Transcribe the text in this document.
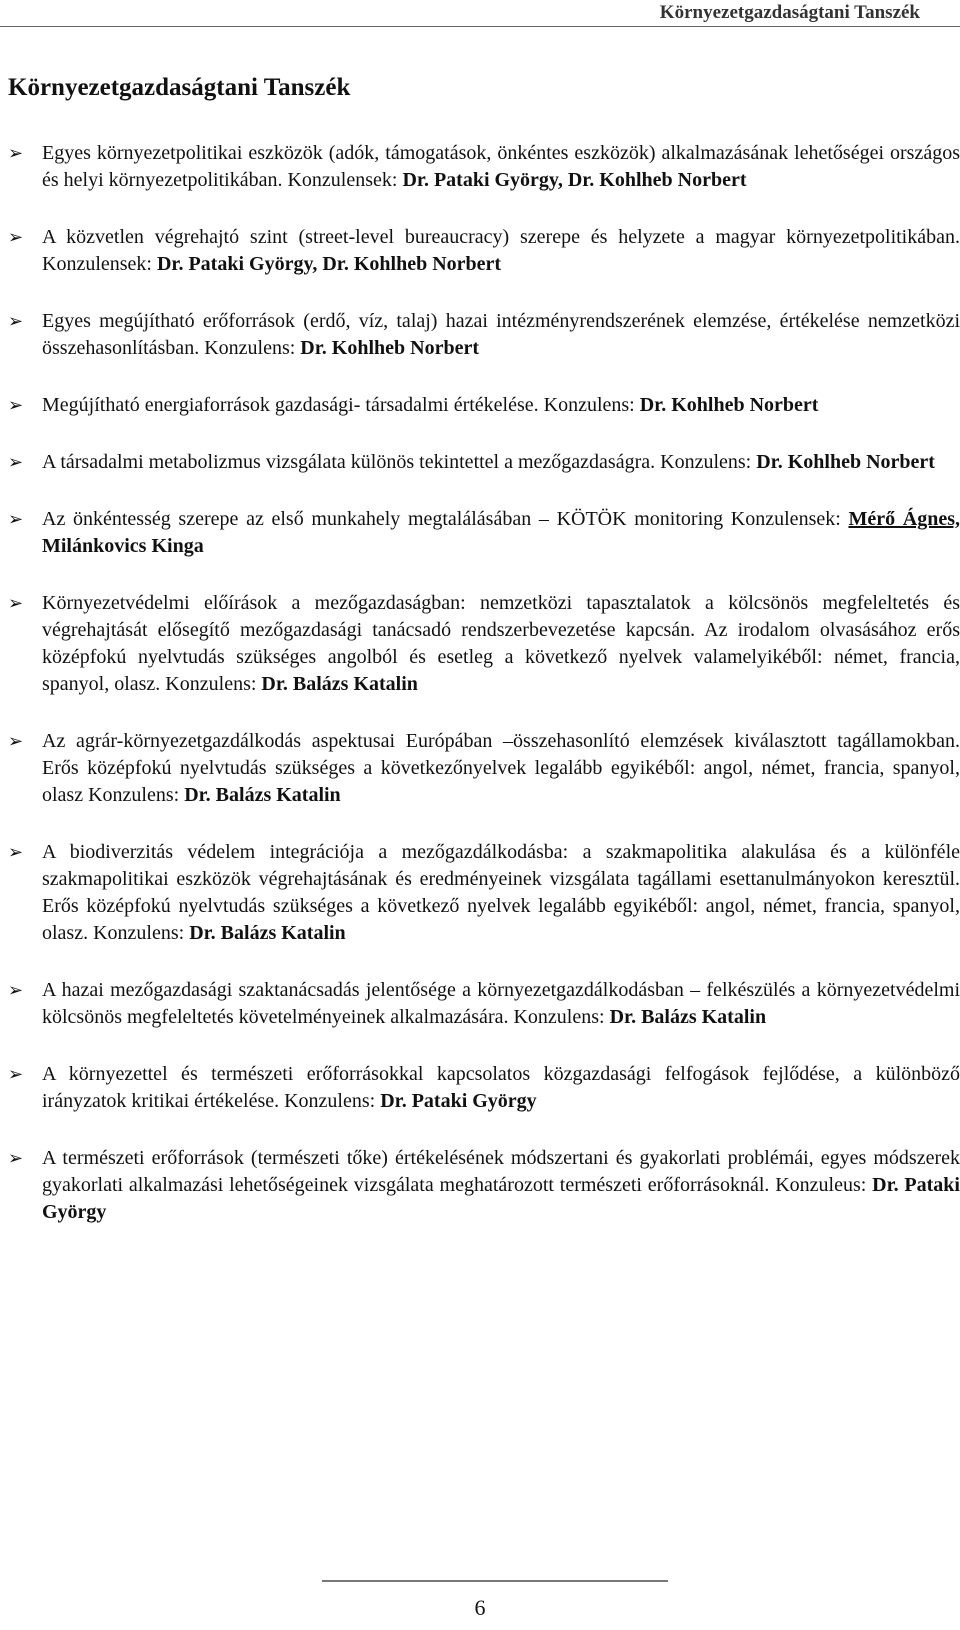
Környezetgazdaságtani Tanszék
Környezetgazdaságtani Tanszék
➢ Egyes környezetpolitikai eszközök (adók, támogatások, önkéntes eszközök) alkalmazásának lehetőségei országos és helyi környezetpolitikában. Konzulensek: Dr. Pataki György, Dr. Kohlheb Norbert
➢ A közvetlen végrehajtó szint (street-level bureaucracy) szerepe és helyzete a magyar környezetpolitikában. Konzulensek: Dr. Pataki György, Dr. Kohlheb Norbert
➢ Egyes megújítható erőforrások (erdő, víz, talaj) hazai intézményrendszerének elemzése, értékelése nemzetközi összehasonlításban. Konzulens: Dr. Kohlheb Norbert
➢ Megújítható energiaforrások gazdasági- társadalmi értékelése. Konzulens: Dr. Kohlheb Norbert
➢ A társadalmi metabolizmus vizsgálata különös tekintettel a mezőgazdaságra. Konzulens: Dr. Kohlheb Norbert
➢ Az önkéntesség szerepe az első munkahely megtalálásában – KÖTÖK monitoring Konzulensek: Mérő Ágnes, Milánkovics Kinga
➢ Környezetvédelmi előírások a mezőgazdaságban: nemzetközi tapasztalatok a kölcsönös megfeleltetés és végrehajtását elősegítő mezőgazdasági tanácsadó rendszerbevezetése kapcsán. Az irodalom olvasásához erős középfokú nyelvtudás szükséges angolból és esetleg a következő nyelvek valamelyikéből: német, francia, spanyol, olasz. Konzulens: Dr. Balázs Katalin
➢ Az agrár-környezetgazdálkodás aspektusai Európában –összehasonlító elemzések kiválasztott tagállamokban. Erős középfokú nyelvtudás szükséges a következőnyelvek legalább egyikéből: angol, német, francia, spanyol, olasz Konzulens: Dr. Balázs Katalin
➢ A biodiverzitás védelem integrációja a mezőgazdálkodásba: a szakmapolitika alakulása és a különféle szakmapolitikai eszközök végrehajtásának és eredményeinek vizsgálata tagállami esettanulmányokon keresztül. Erős középfokú nyelvtudás szükséges a következő nyelvek legalább egyikéből: angol, német, francia, spanyol, olasz. Konzulens: Dr. Balázs Katalin
➢ A hazai mezőgazdasági szaktanácsadás jelentősége a környezetgazdálkodásban – felkészülés a környezetvédelmi kölcsönös megfeleltetés követelményeinek alkalmazására. Konzulens: Dr. Balázs Katalin
➢ A környezettel és természeti erőforrásokkal kapcsolatos közgazdasági felfogások fejlődése, a különböző irányzatok kritikai értékelése. Konzulens: Dr. Pataki György
➢ A természeti erőforrások (természeti tőke) értékelésének módszertani és gyakorlati problémái, egyes módszerek gyakorlati alkalmazási lehetőségeinek vizsgálata meghatározott természeti erőforrásoknál. Konzuleus: Dr. Pataki György
6
